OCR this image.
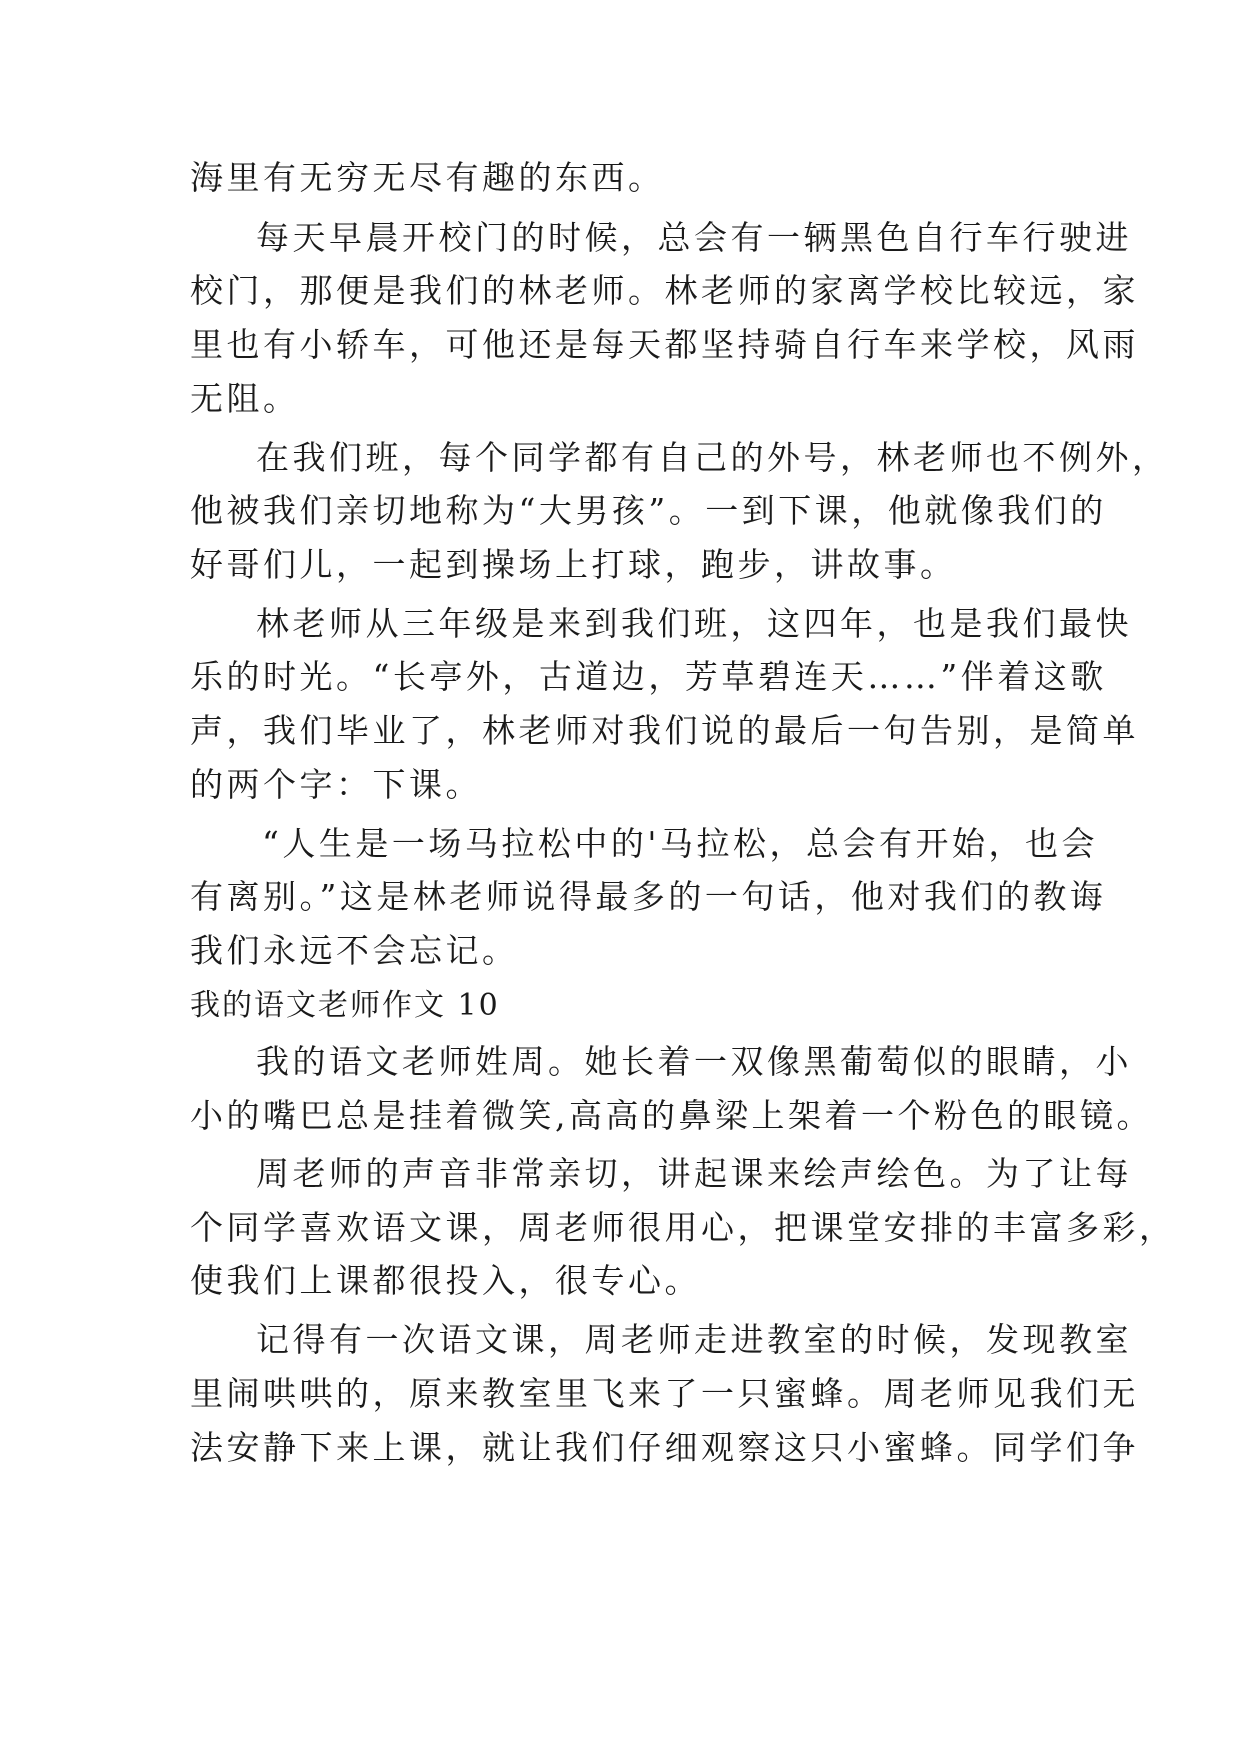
海里有无穷无尽有趣的东西。
每天早晨开校门的时候，总会有一辆黑色自行车行驶进
校门，那便是我们的林老师。林老师的家离学校比较远，家
里也有小轿车，可他还是每天都坚持骑自行车来学校，风雨
无阻。
在我们班，每个同学都有自己的外号，林老师也不例外，
他被我们亲切地称为“大男孩”。一到下课，他就像我们的
好哥们儿，一起到操场上打球，跑步，讲故事。
林老师从三年级是来到我们班，这四年，也是我们最快
乐的时光。“长亭外，古道边，芳草碧连天……”伴着这歌
声，我们毕业了，林老师对我们说的最后一句告别，是简单
的两个字：下课。
“人生是一场马拉松中的'马拉松，总会有开始，也会
有离别。”这是林老师说得最多的一句话，他对我们的教诲
我们永远不会忘记。
我的语文老师作文 10
我的语文老师姓周。她长着一双像黑葡萄似的眼睛，小
小的嘴巴总是挂着微笑,高高的鼻梁上架着一个粉色的眼镜。
周老师的声音非常亲切，讲起课来绘声绘色。为了让每
个同学喜欢语文课，周老师很用心，把课堂安排的丰富多彩，
使我们上课都很投入，很专心。
记得有一次语文课，周老师走进教室的时候，发现教室
里闹哄哄的，原来教室里飞来了一只蜜蜂。周老师见我们无
法安静下来上课，就让我们仔细观察这只小蜜蜂。同学们争
